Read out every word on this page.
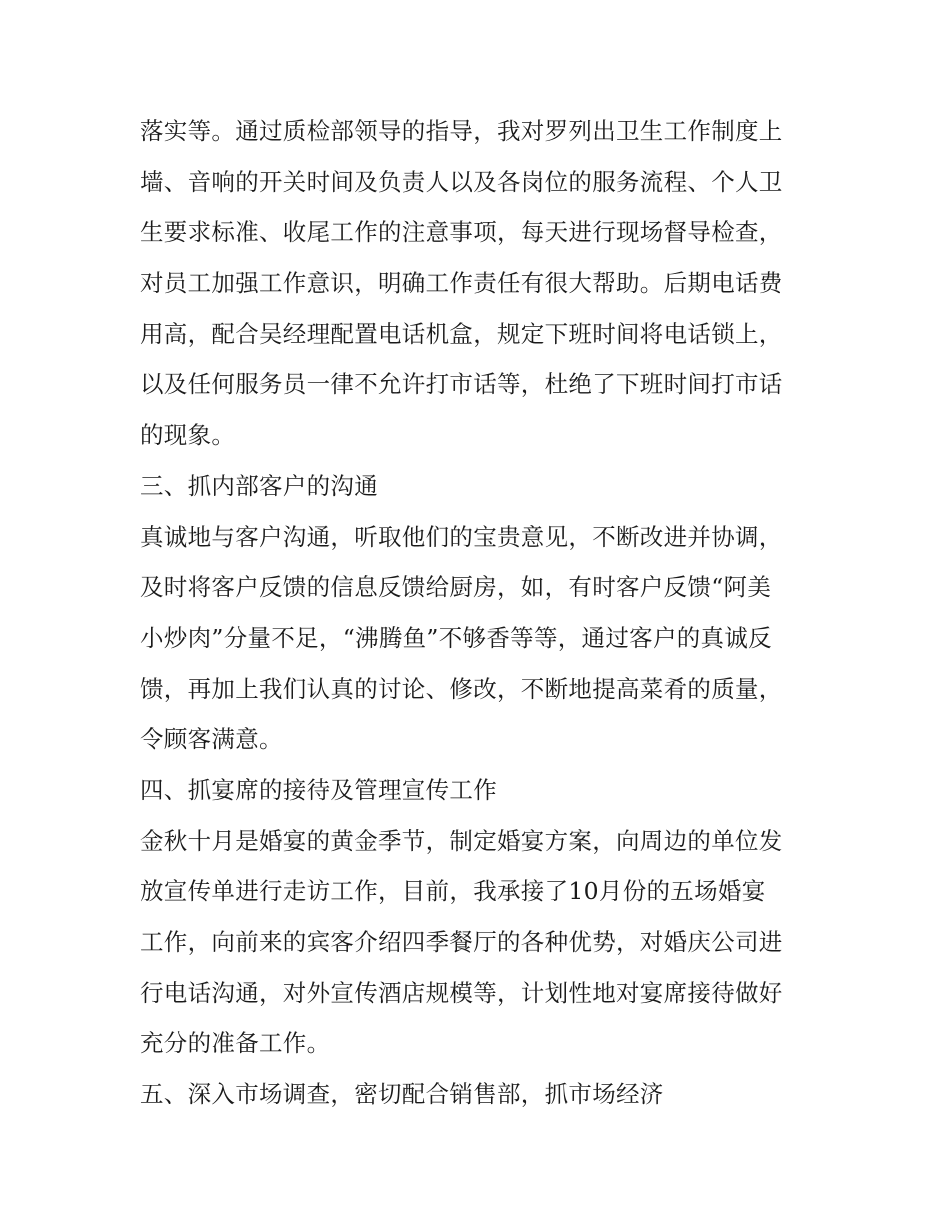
落实等。通过质检部领导的指导，我对罗列出卫生工作制度上
墙、音响的开关时间及负责人以及各岗位的服务流程、个人卫
生要求标准、收尾工作的注意事项，每天进行现场督导检查，
对员工加强工作意识，明确工作责任有很大帮助。后期电话费
用高，配合吴经理配置电话机盒，规定下班时间将电话锁上，
以及任何服务员一律不允许打市话等，杜绝了下班时间打市话
的现象。
三、抓内部客户的沟通
真诚地与客户沟通，听取他们的宝贵意见，不断改进并协调，
及时将客户反馈的信息反馈给厨房，如，有时客户反馈“阿美
小炒肉”分量不足，“沸腾鱼”不够香等等，通过客户的真诚反
馈，再加上我们认真的讨论、修改，不断地提高菜肴的质量，
令顾客满意。
四、抓宴席的接待及管理宣传工作
金秋十月是婚宴的黄金季节，制定婚宴方案，向周边的单位发
放宣传单进行走访工作，目前，我承接了10月份的五场婚宴
工作，向前来的宾客介绍四季餐厅的各种优势，对婚庆公司进
行电话沟通，对外宣传酒店规模等，计划性地对宴席接待做好
充分的准备工作。
五、深入市场调查，密切配合销售部，抓市场经济
